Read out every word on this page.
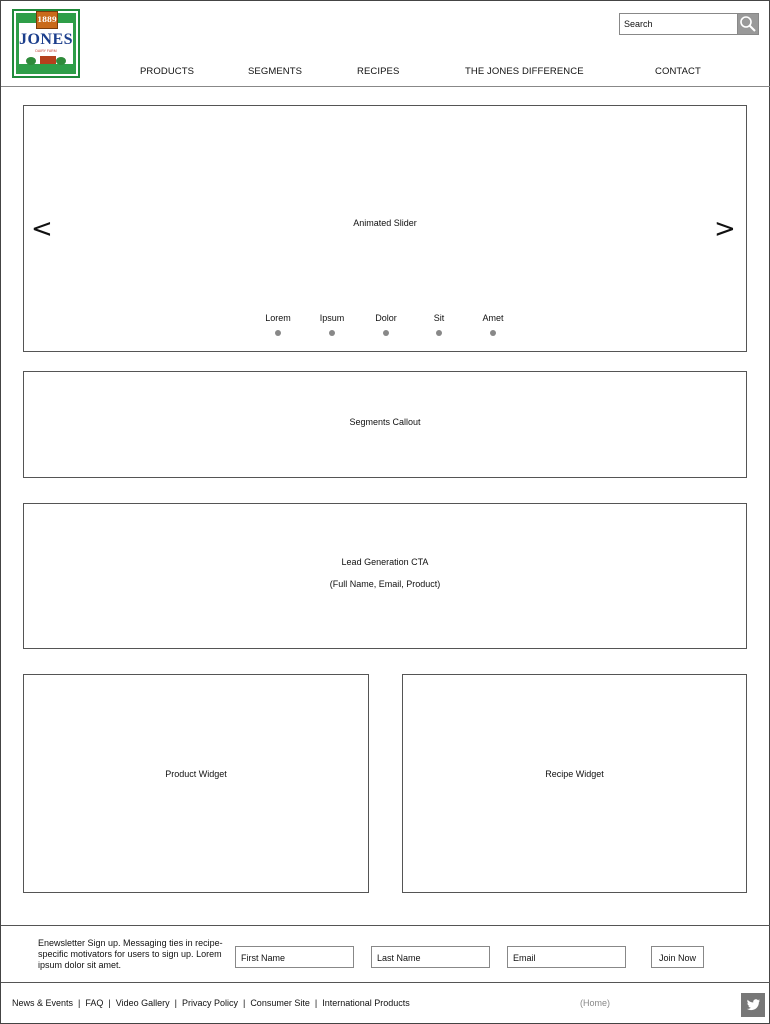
1889
JONES
DAIRY FARM
Search
PRODUCTS	SEGMENTS	RECIPES	THE JONES DIFFERENCE	CONTACT
Animated Slider
<	>
Lorem	Ipsum	Dolor	Sit	Amet
Segments Callout
Lead Generation CTA
(Full Name, Email, Product)
Product Widget	Recipe Widget
Enewsletter Sign up. Messaging ties in recipe-specific motivators for users to sign up. Lorem ipsum dolor sit amet.
First Name	Last Name	Email	Join Now
News & Events | FAQ | Video Gallery | Privacy Policy | Consumer Site | International Products	(Home)
